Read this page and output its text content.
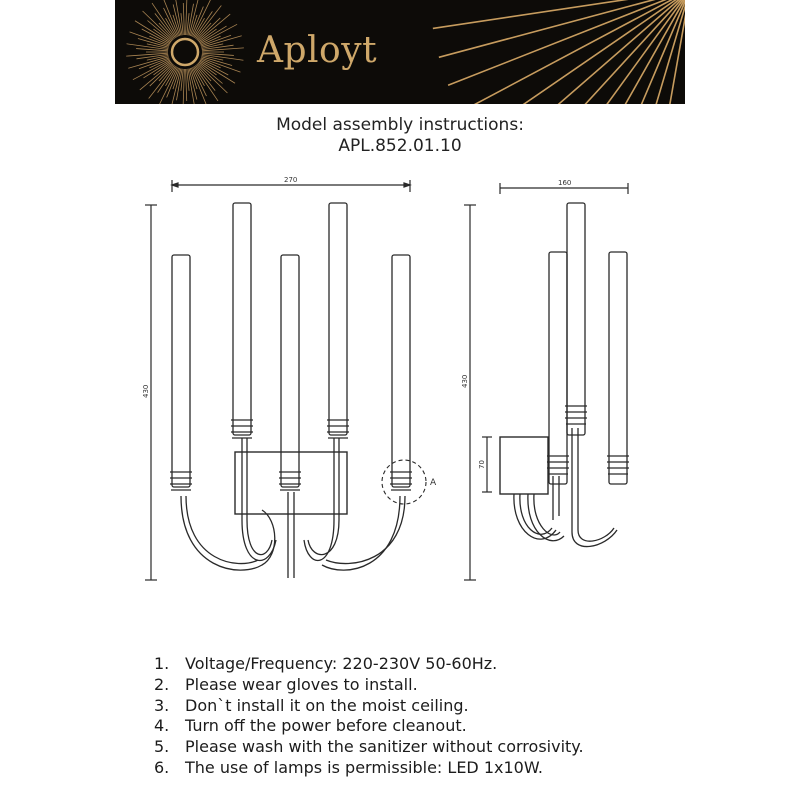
Aployt
Model assembly instructions:
APL.852.01.10
270
430
A
160
430
70
1. Voltage/Frequency: 220-230V 50-60Hz.
2. Please wear gloves to install.
3. Don`t install it on the moist ceiling.
4. Turn off the power before cleanout.
5. Please wash with the sanitizer without corrosivity.
6. The use of lamps is permissible: LED 1x10W.
